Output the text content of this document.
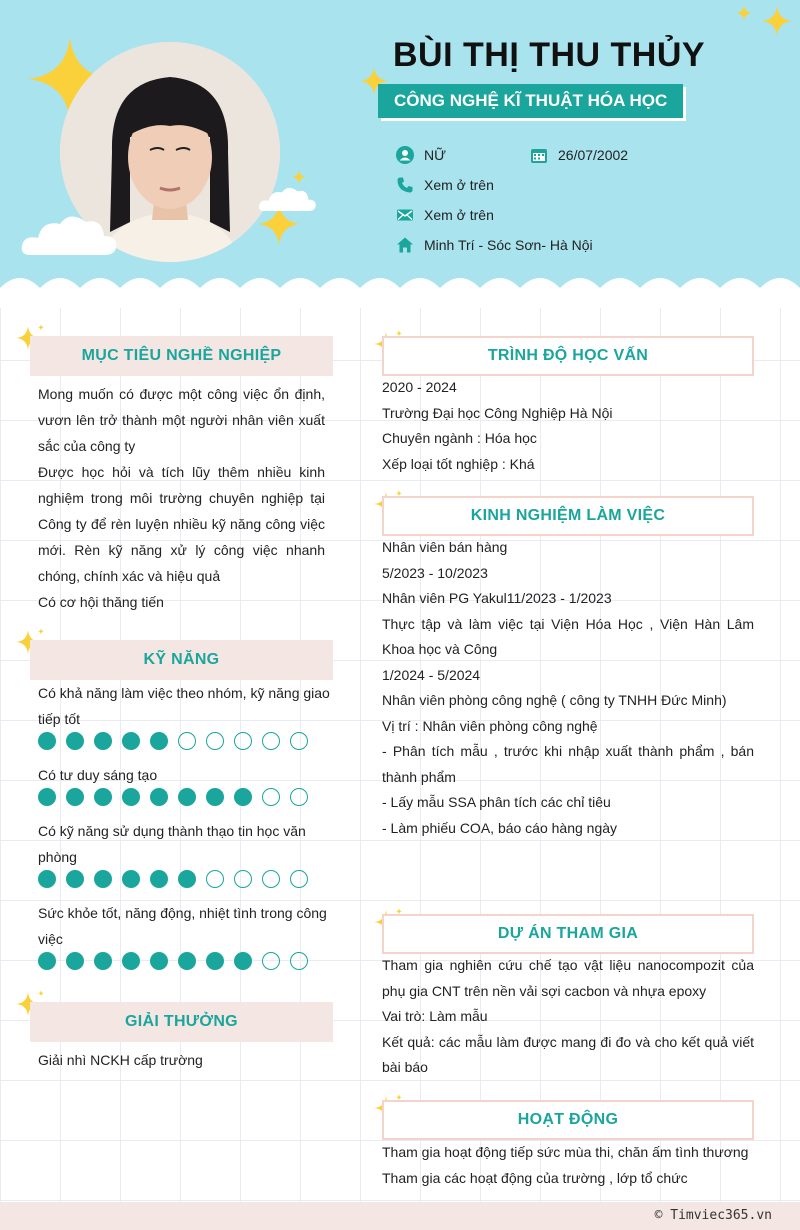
BÙI THỊ THU THỦY
CÔNG NGHỆ KĨ THUẬT HÓA HỌC
NỮ	26/07/2002
Xem ở trên
Xem ở trên
Minh Trí - Sóc Sơn- Hà Nội
MỤC TIÊU NGHỀ NGHIỆP

Mong muốn có được một công việc ổn định, vươn lên trở thành một người nhân viên xuất sắc của công ty

Được học hỏi và tích lũy thêm nhiều kinh nghiệm trong môi trường chuyên nghiệp tại Công ty để rèn luyện nhiều kỹ năng công việc mới. Rèn kỹ năng xử lý công việc nhanh chóng, chính xác và hiệu quả

Có cơ hội thăng tiến

KỸ NĂNG
Có khả năng làm việc theo nhóm, kỹ năng giao tiếp tốt
Có tư duy sáng tạo
Có kỹ năng sử dụng thành thạo tin học văn phòng
Sức khỏe tốt, năng động, nhiệt tình trong công việc
GIẢI THƯỞNG
Giải nhì NCKH cấp trường
TRÌNH ĐỘ HỌC VẤN

2020 - 2024

Trường Đại học Công Nghiệp Hà Nội

Chuyên ngành : Hóa học

Xếp loại tốt nghiệp : Khá

KINH NGHIỆM LÀM VIỆC

Nhân viên bán hàng

5/2023 - 10/2023

Nhân viên PG Yakul11/2023 - 1/2023

Thực tập và làm việc tại Viện Hóa Học , Viện Hàn Lâm Khoa học và Công

1/2024 - 5/2024

Nhân viên phòng công nghệ ( công ty TNHH Đức Minh)

Vị trí : Nhân viên phòng công nghệ

- Phân tích mẫu , trước khi nhập xuất thành phẩm , bán thành phẩm

- Lấy mẫu SSA phân tích các chỉ tiêu

- Làm phiếu COA, báo cáo hàng ngày

DỰ ÁN THAM GIA

Tham gia nghiên cứu chế tạo vật liệu nanocompozit của phụ gia CNT trên nền vải sợi cacbon và nhựa epoxy

Vai trò: Làm mẫu

Kết quả: các mẫu làm được mang đi đo và cho kết quả viết bài báo

HOẠT ĐỘNG

Tham gia hoạt động tiếp sức mùa thi, chăn ấm tình thương

Tham gia các hoạt động của trường , lớp tổ chức

© Timviec365.vn
